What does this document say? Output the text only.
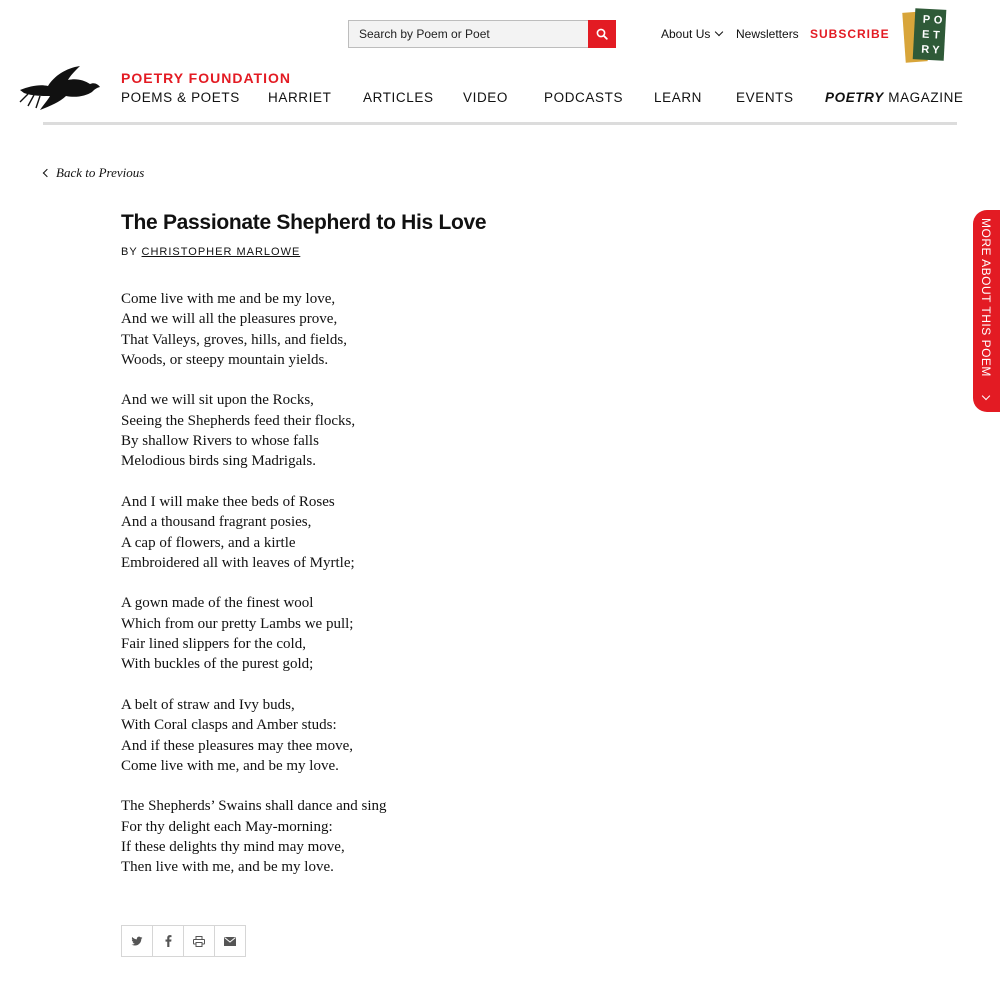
Search by Poem or Poet
About Us	Newsletters SUBSCRIBE
P O
E T
R Y
POETRY FOUNDATION
POEMS & POETS HARRIET ARTICLES VIDEO	PODCASTS LEARN	EVENTS POETRY MAGAZINE
Back to Previous
The Passionate Shepherd to His Love
BY CHRISTOPHER MARLOWE
Come live with me and be my love,
And we will all the pleasures prove,
That Valleys, groves, hills, and fields,
Woods, or steepy mountain yields.
And we will sit upon the Rocks,
Seeing the Shepherds feed their flocks,
By shallow Rivers to whose falls
Melodious birds sing Madrigals.
And I will make thee beds of Roses
And a thousand fragrant posies,
A cap of flowers, and a kirtle
Embroidered all with leaves of Myrtle;
A gown made of the finest wool
Which from our pretty Lambs we pull;
Fair lined slippers for the cold,
With buckles of the purest gold;
A belt of straw and Ivy buds,
With Coral clasps and Amber studs:
And if these pleasures may thee move,
Come live with me, and be my love.
The Shepherds’ Swains shall dance and sing
For thy delight each May-morning:
If these delights thy mind may move,
Then live with me, and be my love.
MORE ABOUT THIS POEM
